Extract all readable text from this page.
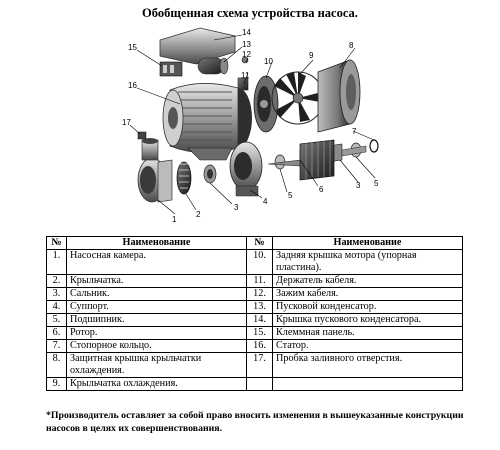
Обобщенная схема устройства насоса.
1
2
3
4
5
5
6	3
7
8
9
10
11
12
13
14
15
16
17
№	Наименование	№	Наименование
1.	Насосная камера.	10.	Задняя крышка мотора (упорная пластина).
2.	Крыльчатка.	11.	Держатель кабеля.
3.	Сальник.	12.	Зажим кабеля.
4.	Суппорт.	13.	Пусковой конденсатор.
5.	Подшипник.	14.	Крышка пускового конденсатора.
6.	Ротор.	15.	Клеммная панель.
7.	Стопорное кольцо.	16.	Статор.
8.	Защитная крышка крыльчатки охлаждения.	17.	Пробка заливного отверстия.
9.	Крыльчатка охлаждения.		
*Производитель оставляет за собой право вносить изменения в вышеуказанные конструкции насосов в целях их совершенствования.
